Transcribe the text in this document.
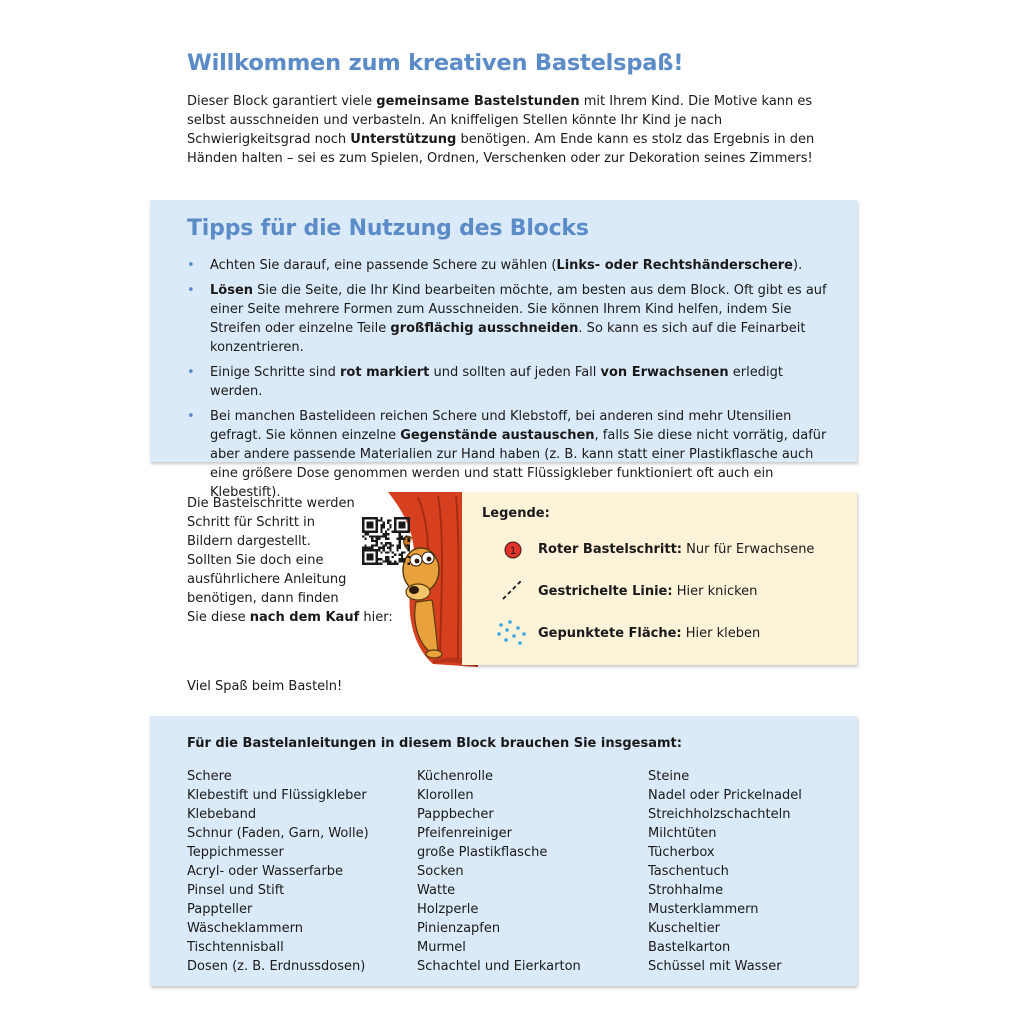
Willkommen zum kreativen Bastelspaß!

Dieser Block garantiert viele gemeinsame Bastelstunden mit Ihrem Kind. Die Motive kann es selbst ausschneiden und verbasteln. An kniffeligen Stellen könnte Ihr Kind je nach Schwierigkeitsgrad noch Unterstützung benötigen. Am Ende kann es stolz das Ergebnis in den Händen halten – sei es zum Spielen, Ordnen, Verschenken oder zur Dekoration seines Zimmers!

Tipps für die Nutzung des Blocks
• Achten Sie darauf, eine passende Schere zu wählen (Links- oder Rechtshänderschere).
• Lösen Sie die Seite, die Ihr Kind bearbeiten möchte, am besten aus dem Block. Oft gibt es auf einer Seite mehrere Formen zum Ausschneiden. Sie können Ihrem Kind helfen, indem Sie Streifen oder einzelne Teile großflächig ausschneiden. So kann es sich auf die Feinarbeit konzentrieren.
• Einige Schritte sind rot markiert und sollten auf jeden Fall von Erwachsenen erledigt werden.
• Bei manchen Bastelideen reichen Schere und Klebstoff, bei anderen sind mehr Utensilien gefragt. Sie können einzelne Gegenstände austauschen, falls Sie diese nicht vorrätig, dafür aber andere passende Materialien zur Hand haben (z. B. kann statt einer Plastikflasche auch eine größere Dose genommen werden und statt Flüssigkleber funktioniert oft auch ein Klebestift).
Die Bastelschritte werden
Schritt für Schritt in
Bildern dargestellt.
Sollten Sie doch eine
ausführlichere Anleitung
benötigen, dann finden
Sie diese nach dem Kauf hier:
Legende:
1 Roter Bastelschritt: Nur für Erwachsene
Gestrichelte Linie: Hier knicken
Gepunktete Fläche: Hier kleben
Viel Spaß beim Basteln!
Für die Bastelanleitungen in diesem Block brauchen Sie insgesamt:
Schere
Klebestift und Flüssigkleber
Klebeband
Schnur (Faden, Garn, Wolle)
Teppichmesser
Acryl- oder Wasserfarbe
Pinsel und Stift
Pappteller
Wäscheklammern
Tischtennisball
Dosen (z. B. Erdnussdosen)
Küchenrolle
Klorollen
Pappbecher
Pfeifenreiniger
große Plastikflasche
Socken
Watte
Holzperle
Pinienzapfen
Murmel
Schachtel und Eierkarton
Steine
Nadel oder Prickelnadel
Streichholzschachteln
Milchtüten
Tücherbox
Taschentuch
Strohhalme
Musterklammern
Kuscheltier
Bastelkarton
Schüssel mit Wasser
